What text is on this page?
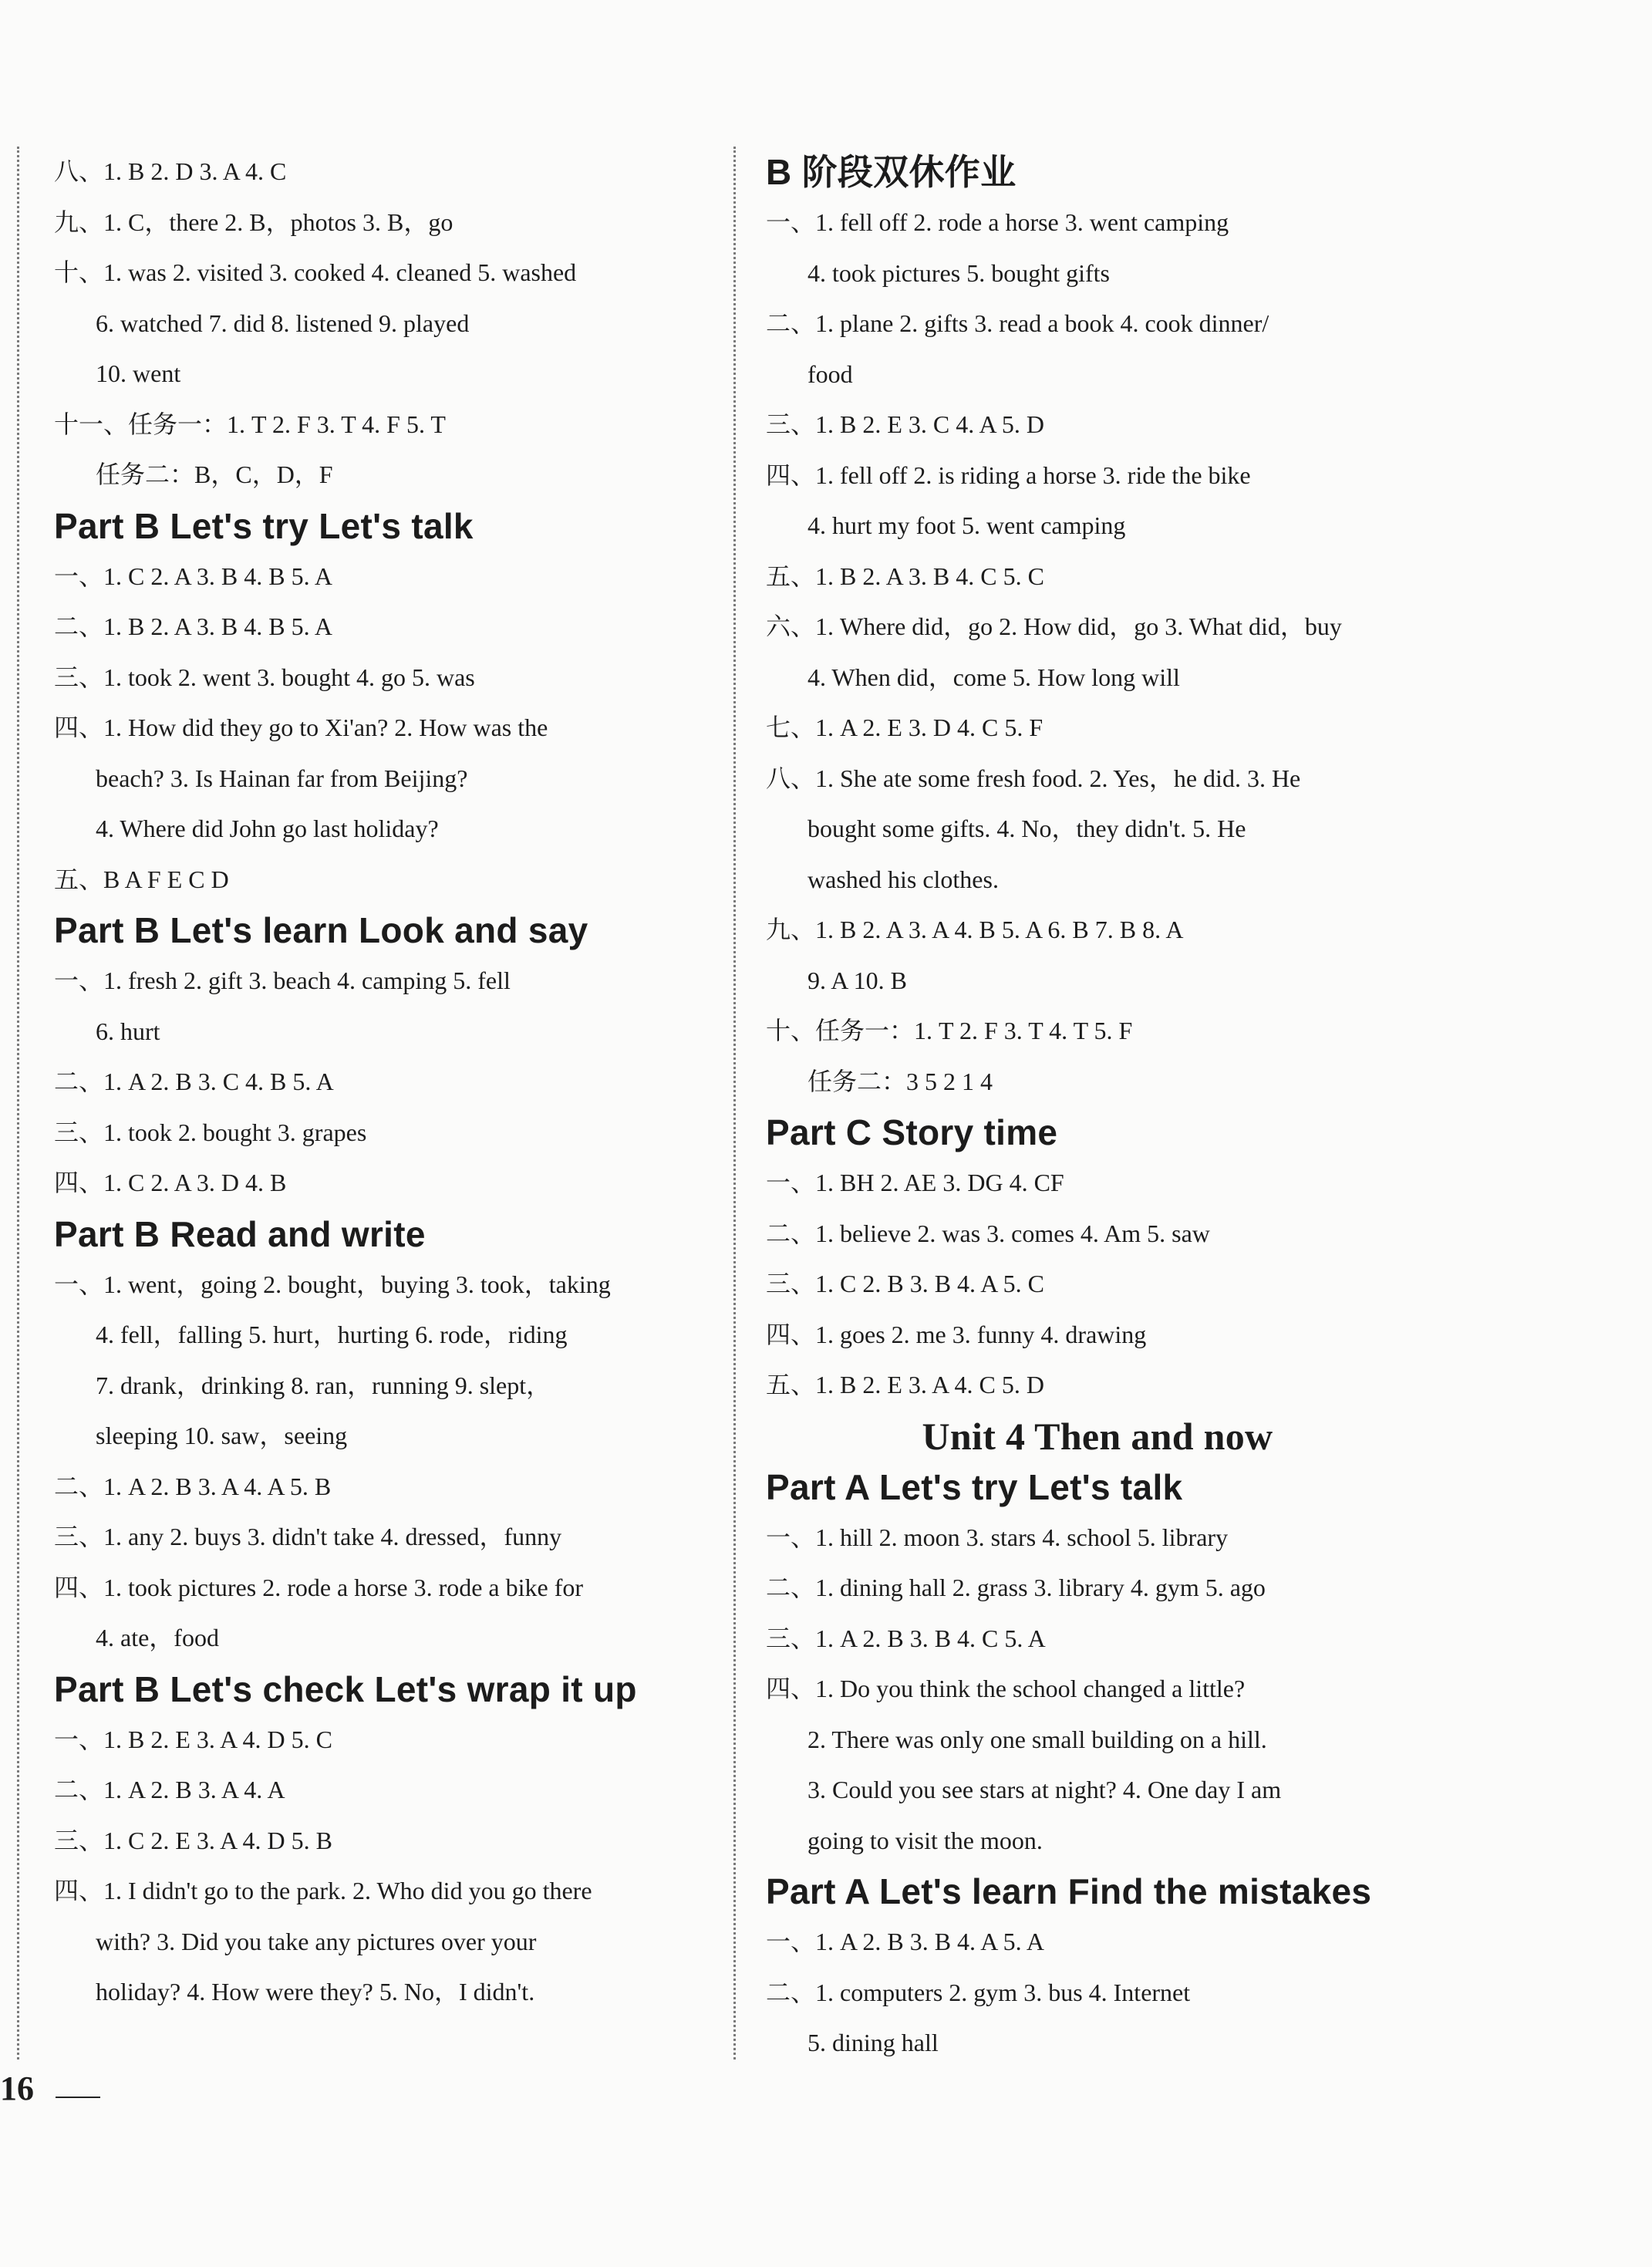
八、1. B 2. D 3. A 4. C
九、1. C，there 2. B，photos 3. B，go
十、1. was 2. visited 3. cooked 4. cleaned 5. washed
6. watched 7. did 8. listened 9. played
10. went
十一、任务一：1. T 2. F 3. T 4. F 5. T
任务二：B，C，D，F
Part B Let's try Let's talk
一、1. C 2. A 3. B 4. B 5. A
二、1. B 2. A 3. B 4. B 5. A
三、1. took 2. went 3. bought 4. go 5. was
四、1. How did they go to Xi'an? 2. How was the
beach? 3. Is Hainan far from Beijing?
4. Where did John go last holiday?
五、B A F E C D
Part B Let's learn Look and say
一、1. fresh 2. gift 3. beach 4. camping 5. fell
6. hurt
二、1. A 2. B 3. C 4. B 5. A
三、1. took 2. bought 3. grapes
四、1. C 2. A 3. D 4. B
Part B Read and write
一、1. went，going 2. bought，buying 3. took，taking
4. fell，falling 5. hurt，hurting 6. rode，riding
7. drank，drinking 8. ran，running 9. slept，
sleeping 10. saw，seeing
二、1. A 2. B 3. A 4. A 5. B
三、1. any 2. buys 3. didn't take 4. dressed，funny
四、1. took pictures 2. rode a horse 3. rode a bike for
4. ate，food
Part B Let's check Let's wrap it up
一、1. B 2. E 3. A 4. D 5. C
二、1. A 2. B 3. A 4. A
三、1. C 2. E 3. A 4. D 5. B
四、1. I didn't go to the park. 2. Who did you go there
with? 3. Did you take any pictures over your
holiday? 4. How were they? 5. No，I didn't.
B 阶段双休作业
一、1. fell off 2. rode a horse 3. went camping
4. took pictures 5. bought gifts
二、1. plane 2. gifts 3. read a book 4. cook dinner/
food
三、1. B 2. E 3. C 4. A 5. D
四、1. fell off 2. is riding a horse 3. ride the bike
4. hurt my foot 5. went camping
五、1. B 2. A 3. B 4. C 5. C
六、1. Where did，go 2. How did，go 3. What did，buy
4. When did，come 5. How long will
七、1. A 2. E 3. D 4. C 5. F
八、1. She ate some fresh food. 2. Yes，he did. 3. He
bought some gifts. 4. No，they didn't. 5. He
washed his clothes.
九、1. B 2. A 3. A 4. B 5. A 6. B 7. B 8. A
9. A 10. B
十、任务一：1. T 2. F 3. T 4. T 5. F
任务二：3 5 2 1 4
Part C Story time
一、1. BH 2. AE 3. DG 4. CF
二、1. believe 2. was 3. comes 4. Am 5. saw
三、1. C 2. B 3. B 4. A 5. C
四、1. goes 2. me 3. funny 4. drawing
五、1. B 2. E 3. A 4. C 5. D
Unit 4 Then and now
Part A Let's try Let's talk
一、1. hill 2. moon 3. stars 4. school 5. library
二、1. dining hall 2. grass 3. library 4. gym 5. ago
三、1. A 2. B 3. B 4. C 5. A
四、1. Do you think the school changed a little?
2. There was only one small building on a hill.
3. Could you see stars at night? 4. One day I am
going to visit the moon.
Part A Let's learn Find the mistakes
一、1. A 2. B 3. B 4. A 5. A
二、1. computers 2. gym 3. bus 4. Internet
5. dining hall
16
